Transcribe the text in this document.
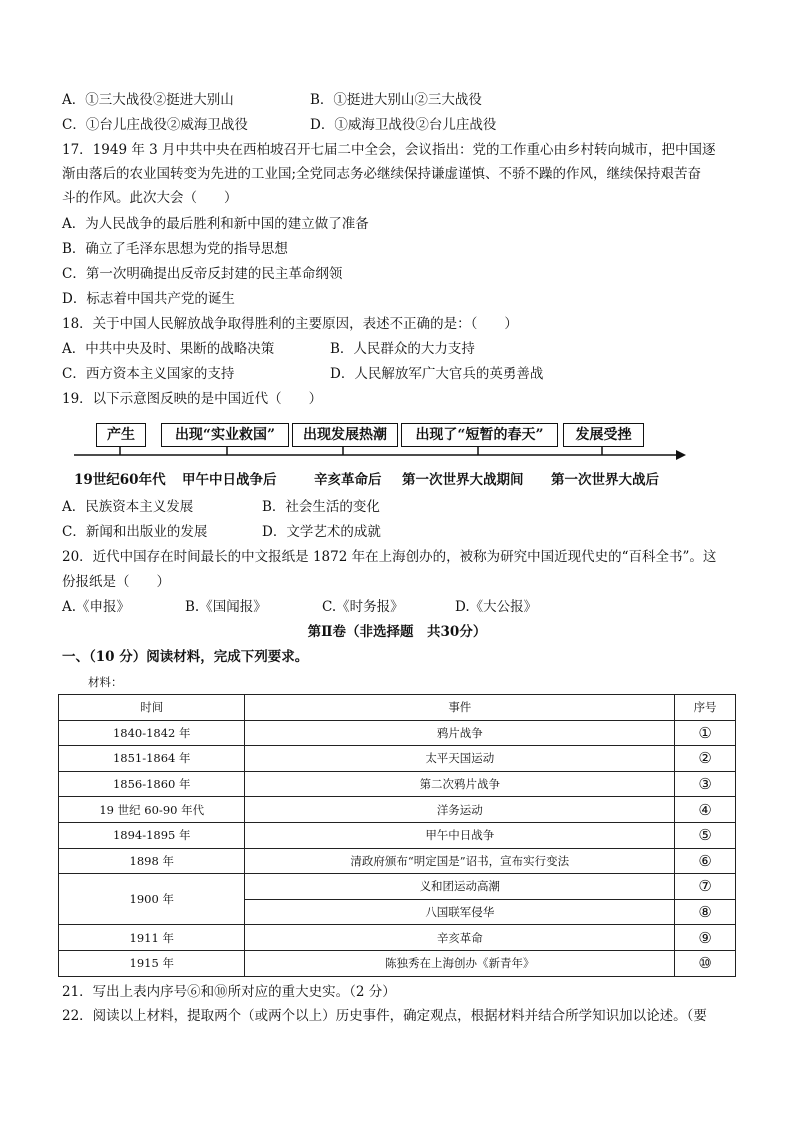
A．①三大战役②挺进大别山	B．①挺进大别山②三大战役
C．①台儿庄战役②威海卫战役	D．①威海卫战役②台儿庄战役
17．1949 年 3 月中共中央在西柏坡召开七届二中全会，会议指出：党的工作重心由乡村转向城市，把中国逐
渐由落后的农业国转变为先进的工业国;全党同志务必继续保持谦虚谨慎、不骄不躁的作风，继续保持艰苦奋
斗的作风。此次大会（　　）
A．为人民战争的最后胜利和新中国的建立做了准备
B．确立了毛泽东思想为党的指导思想
C．第一次明确提出反帝反封建的民主革命纲领
D．标志着中国共产党的诞生
18．关于中国人民解放战争取得胜利的主要原因，表述不正确的是：（　　）
A．中共中央及时、果断的战略决策	B．人民群众的大力支持
C．西方资本主义国家的支持	D．人民解放军广大官兵的英勇善战
19．以下示意图反映的是中国近代（　　）
产生	出现“实业救国”	出现发展热潮	出现了“短暂的春天”	发展受挫
19世纪60年代 甲午中日战争后	辛亥革命后 第一次世界大战期间 第一次世界大战后
A．民族资本主义发展	B．社会生活的变化
C．新闻和出版业的发展	D．文学艺术的成就
20．近代中国存在时间最长的中文报纸是 1872 年在上海创办的，被称为研究中国近现代史的“百科全书”。这
份报纸是（　　）
A.《申报》	B.《国闻报》	C.《时务报》	D.《大公报》
第Ⅱ卷（非选择题　共30分）
一、（10 分）阅读材料，完成下列要求。
材料：
时间	事件	序号
1840-1842 年	鸦片战争	①
1851-1864 年	太平天国运动	②
1856-1860 年	第二次鸦片战争	③
19 世纪 60-90 年代	洋务运动	④
1894-1895 年	甲午中日战争	⑤
1898 年	清政府颁布“明定国是”诏书，宣布实行变法	⑥
1900 年	义和团运动高潮	⑦
	八国联军侵华	⑧
1911 年	辛亥革命	⑨
1915 年	陈独秀在上海创办《新青年》	⑩
21．写出上表内序号⑥和⑩所对应的重大史实。（2 分）
22．阅读以上材料，提取两个（或两个以上）历史事件，确定观点，根据材料并结合所学知识加以论述。（要
